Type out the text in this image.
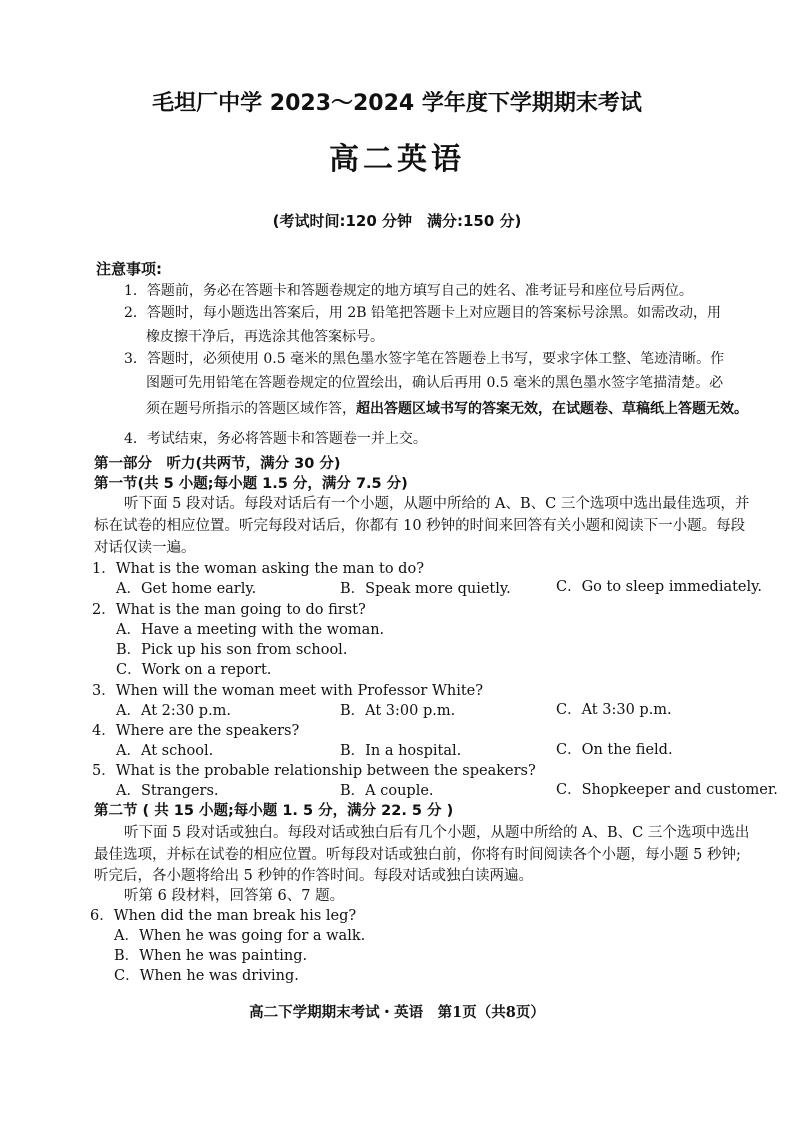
毛坦厂中学 2023～2024 学年度下学期期末考试
高二英语
(考试时间:120 分钟　满分:150 分)
注意事项:
1．答题前，务必在答题卡和答题卷规定的地方填写自己的姓名、准考证号和座位号后两位。
2．答题时，每小题选出答案后，用 2B 铅笔把答题卡上对应题目的答案标号涂黑。如需改动，用
橡皮擦干净后，再选涂其他答案标号。
3．答题时，必须使用 0.5 毫米的黑色墨水签字笔在答题卷上书写，要求字体工整、笔迹清晰。作
图题可先用铅笔在答题卷规定的位置绘出，确认后再用 0.5 毫米的黑色墨水签字笔描清楚。必
须在题号所指示的答题区域作答，超出答题区域书写的答案无效，在试题卷、草稿纸上答题无效。
4．考试结束，务必将答题卡和答题卷一并上交。
第一部分　听力(共两节，满分 30 分)
第一节(共 5 小题;每小题 1.5 分，满分 7.5 分)
听下面 5 段对话。每段对话后有一个小题，从题中所给的 A、B、C 三个选项中选出最佳选项，并
标在试卷的相应位置。听完每段对话后，你都有 10 秒钟的时间来回答有关小题和阅读下一小题。每段
对话仅读一遍。
1．What is the woman asking the man to do?
A．Get home early.	B．Speak more quietly.	C．Go to sleep immediately.
2．What is the man going to do first?
A．Have a meeting with the woman.
B．Pick up his son from school.
C．Work on a report.
3．When will the woman meet with Professor White?
A．At 2:30 p.m.	B．At 3:00 p.m.	C．At 3:30 p.m.
4．Where are the speakers?
A．At school.	B．In a hospital.	C．On the field.
5．What is the probable relationship between the speakers?
A．Strangers.	B．A couple.	C．Shopkeeper and customer.
第二节 ( 共 15 小题;每小题 1. 5 分，满分 22. 5 分 )
听下面 5 段对话或独白。每段对话或独白后有几个小题，从题中所给的 A、B、C 三个选项中选出
最佳选项，并标在试卷的相应位置。听每段对话或独白前，你将有时间阅读各个小题，每小题 5 秒钟;
听完后，各小题将给出 5 秒钟的作答时间。每段对话或独白读两遍。
听第 6 段材料，回答第 6、7 题。
6．When did the man break his leg?
A．When he was going for a walk.
B．When he was painting.
C．When he was driving.
高二下学期期末考试・英语　第1页（共8页）
